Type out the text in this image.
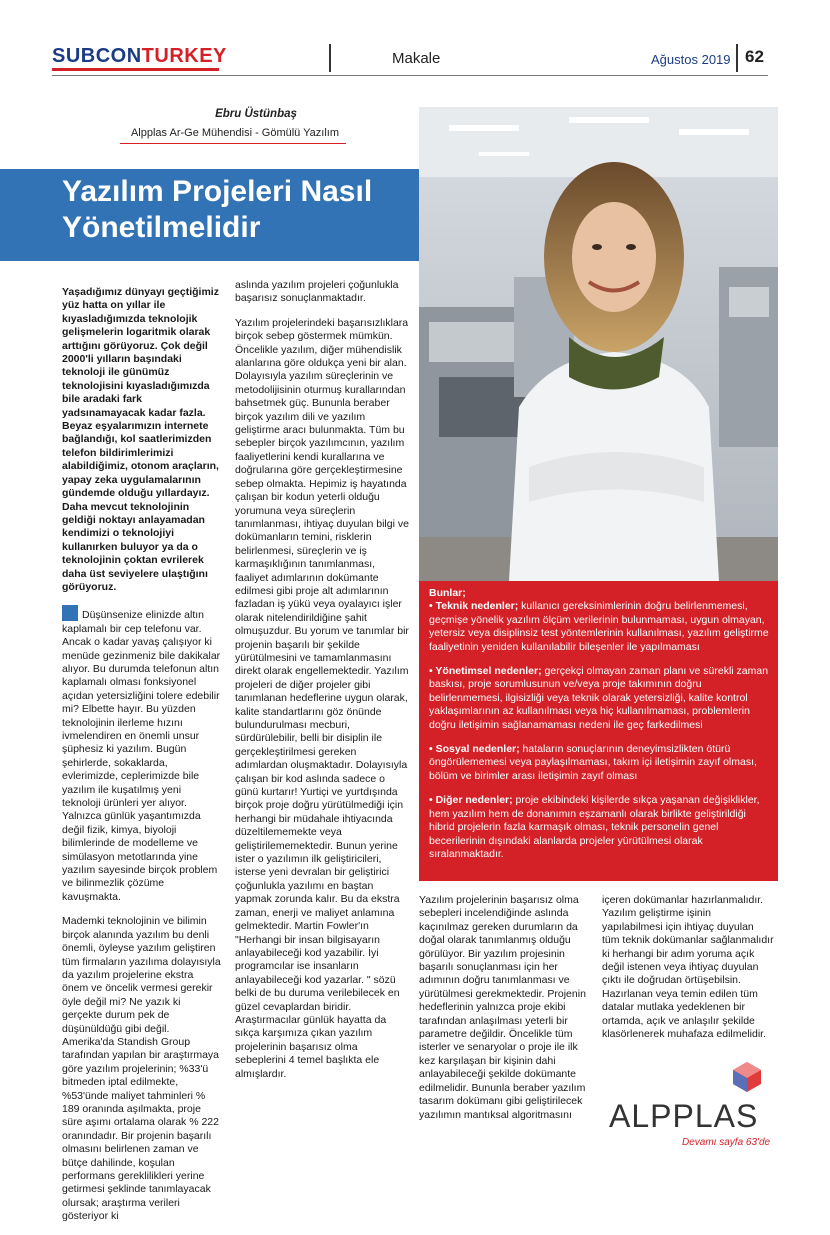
SUBCONTURKEY	Makale	Ağustos 2019 62
Ebru Üstünbaş
Alpplas Ar-Ge Mühendisi - Gömülü Yazılım
Yazılım Projeleri Nasıl Yönetilmelidir

Yaşadığımız dünyayı geçtiğimiz yüz hatta on yıllar ile kıyasladığımızda teknolojik gelişmelerin logaritmik olarak arttığını görüyoruz. Çok değil 2000'li yılların başındaki teknoloji ile günümüz teknolojisini kıyasladığımızda bile aradaki fark yadsınamayacak kadar fazla. Beyaz eşyalarımızın internete bağlandığı, kol saatlerimizden telefon bildirimlerimizi alabildiğimiz, otonom araçların, yapay zeka uygulamalarının gündemde olduğu yıllardayız. Daha mevcut teknolojinin geldiği noktayı anlayamadan kendimizi o teknolojiyi kullanırken buluyor ya da o teknolojinin çoktan evrilerek daha üst seviyelere ulaştığını görüyoruz.

Düşünsenize elinizde altın kaplamalı bir cep telefonu var. Ancak o kadar yavaş çalışıyor ki menüde gezinmeniz bile dakikalar alıyor. Bu durumda telefonun altın kaplamalı olması fonksiyonel açıdan yetersizliğini tolere edebilir mi? Elbette hayır. Bu yüzden teknolojinin ilerleme hızını ivmelendiren en önemli unsur şüphesiz ki yazılım. Bugün şehirlerde, sokaklarda, evlerimizde, ceplerimizde bile yazılım ile kuşatılmış yeni teknoloji ürünleri yer alıyor. Yalnızca günlük yaşantımızda değil fizik, kimya, biyoloji bilimlerinde de modelleme ve simülasyon metotlarında yine yazılım sayesinde birçok problem ve bilinmezlik çözüme kavuşmakta.

Mademki teknolojinin ve bilimin birçok alanında yazılım bu denli önemli, öyleyse yazılım geliştiren tüm firmaların yazılıma dolayısıyla da yazılım projelerine ekstra önem ve öncelik vermesi gerekir öyle değil mi? Ne yazık ki gerçekte durum pek de düşünüldüğü gibi değil. Amerika'da Standish Group tarafından yapılan bir araştırmaya göre yazılım projelerinin; %33'ü bitmeden iptal edilmekte, %53'ünde maliyet tahminleri % 189 oranında aşılmakta, proje süre aşımı ortalama olarak % 222 oranındadır. Bir projenin başarılı olmasını belirlenen zaman ve bütçe dahilinde, koşulan performans gereklilikleri yerine getirmesi şeklinde tanımlayacak olursak; araştırma verileri gösteriyor ki

aslında yazılım projeleri çoğunlukla başarısız sonuçlanmaktadır.

Yazılım projelerindeki başarısızlıklara birçok sebep göstermek mümkün. Öncelikle yazılım, diğer mühendislik alanlarına göre oldukça yeni bir alan. Dolayısıyla yazılım süreçlerinin ve metodolijisinin oturmuş kurallarından bahsetmek güç. Bununla beraber birçok yazılım dili ve yazılım geliştirme aracı bulunmakta. Tüm bu sebepler birçok yazılımcının, yazılım faaliyetlerini kendi kurallarına ve doğrularına göre gerçekleştirmesine sebep olmakta. Hepimiz iş hayatında çalışan bir kodun yeterli olduğu yorumuna veya süreçlerin tanımlanması, ihtiyaç duyulan bilgi ve dokümanların temini, risklerin belirlenmesi, süreçlerin ve iş karmaşıklığının tanımlanması, faaliyet adımlarının dokümante edilmesi gibi proje alt adımlarının fazladan iş yükü veya oyalayıcı işler olarak nitelendirildiğine şahit olmuşuzdur. Bu yorum ve tanımlar bir projenin başarılı bir şekilde yürütülmesini ve tamamlanmasını direkt olarak engellemektedir. Yazılım projeleri de diğer projeler gibi tanımlanan hedeflerine uygun olarak, kalite standartlarını göz önünde bulundurulması mecburi, sürdürülebilir, belli bir disiplin ile gerçekleştirilmesi gereken adımlardan oluşmaktadır. Dolayısıyla çalışan bir kod aslında sadece o günü kurtarır! Yurtiçi ve yurtdışında birçok proje doğru yürütülmediği için herhangi bir müdahale ihtiyacında düzeltilememekte veya geliştirilememektedir. Bunun yerine ister o yazılımın ilk geliştiricileri, isterse yeni devralan bir geliştirici çoğunlukla yazılımı en baştan yapmak zorunda kalır. Bu da ekstra zaman, enerji ve maliyet anlamına gelmektedir. Martin Fowler'ın "Herhangi bir insan bilgisayarın anlayabileceği kod yazabilir. İyi programcılar ise insanların anlayabileceği kod yazarlar. " sözü belki de bu duruma verilebilecek en güzel cevaplardan biridir. Araştırmacılar günlük hayatta da sıkça karşımıza çıkan yazılım projelerinin başarısız olma sebeplerini 4 temel başlıkta ele almışlardır.

Bunlar;

• Teknik nedenler; kullanıcı gereksinimlerinin doğru belirlenmemesi, geçmişe yönelik yazılım ölçüm verilerinin bulunmaması, uygun olmayan, yetersiz veya disiplinsiz test yöntemlerinin kullanılması, yazılım geliştirme faaliyetinin yeniden kullanılabilir bileşenler ile yapılmaması

• Yönetimsel nedenler; gerçekçi olmayan zaman planı ve sürekli zaman baskısı, proje sorumlusunun ve/veya proje takımının doğru belirlenmemesi, ilgisizliği veya teknik olarak yetersizliği, kalite kontrol yaklaşımlarının az kullanılması veya hiç kullanılmaması, problemlerin doğru iletişimin sağlanamaması nedeni ile geç farkedilmesi

• Sosyal nedenler; hataların sonuçlarının deneyimsizlikten ötürü öngörülememesi veya paylaşılmaması, takım içi iletişimin zayıf olması, bölüm ve birimler arası iletişimin zayıf olması

• Diğer nedenler; proje ekibindeki kişilerde sıkça yaşanan değişiklikler, hem yazılım hem de donanımın eşzamanlı olarak birlikte geliştirildiği hibrid projelerin fazla karmaşık olması, teknik personelin genel becerilerinin dışındaki alanlarda projeler yürütülmesi olarak sıralanmaktadır.

Yazılım projelerinin başarısız olma sebepleri incelendiğinde aslında kaçınılmaz gereken durumların da doğal olarak tanımlanmış olduğu görülüyor. Bir yazılım projesinin başarılı sonuçlanması için her adımının doğru tanımlanması ve yürütülmesi gerekmektedir. Projenin hedeflerinin yalnızca proje ekibi tarafından anlaşılması yeterli bir parametre değildir. Öncelikle tüm isterler ve senaryolar o proje ile ilk kez karşılaşan bir kişinin dahi anlayabileceği şekilde dokümante edilmelidir. Bununla beraber yazılım tasarım dokümanı gibi geliştirilecek yazılımın mantıksal algoritmasını

içeren dokümanlar hazırlanmalıdır. Yazılım geliştirme işinin yapılabilmesi için ihtiyaç duyulan tüm teknik dokümanlar sağlanmalıdır ki herhangi bir adım yoruma açık değil istenen veya ihtiyaç duyulan çıktı ile doğrudan örtüşebilsin. Hazırlanan veya temin edilen tüm datalar mutlaka yedeklenen bir ortamda, açık ve anlaşılır şekilde klasörlenerek muhafaza edilmelidir.

ALPPLAS
Devamı sayfa 63'de
